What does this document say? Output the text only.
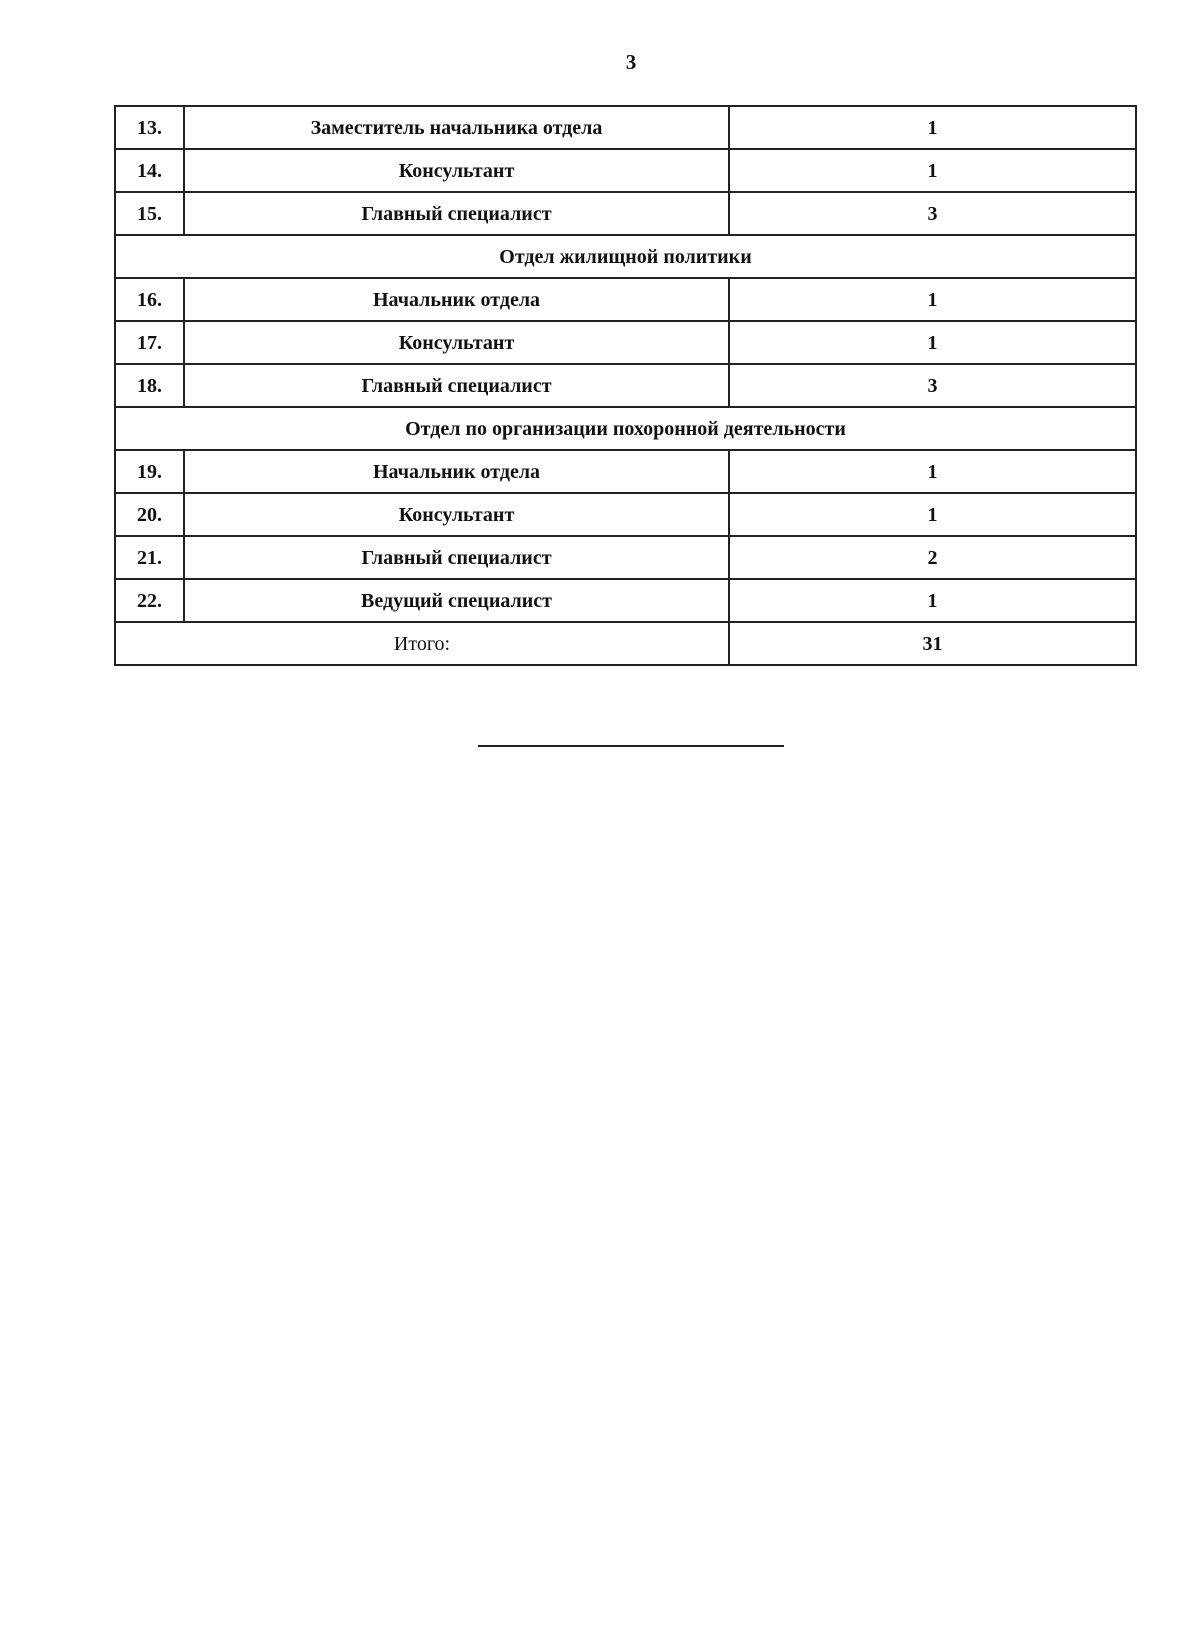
3
13.	Заместитель начальника отдела	1
14.	Консультант	1
15.	Главный специалист	3
Отдел жилищной политики		
16.	Начальник отдела	1
17.	Консультант	1
18.	Главный специалист	3
Отдел по организации похоронной деятельности		
19.	Начальник отдела	1
20.	Консультант	1
21.	Главный специалист	2
22.	Ведущий специалист	1
Итого:		31
